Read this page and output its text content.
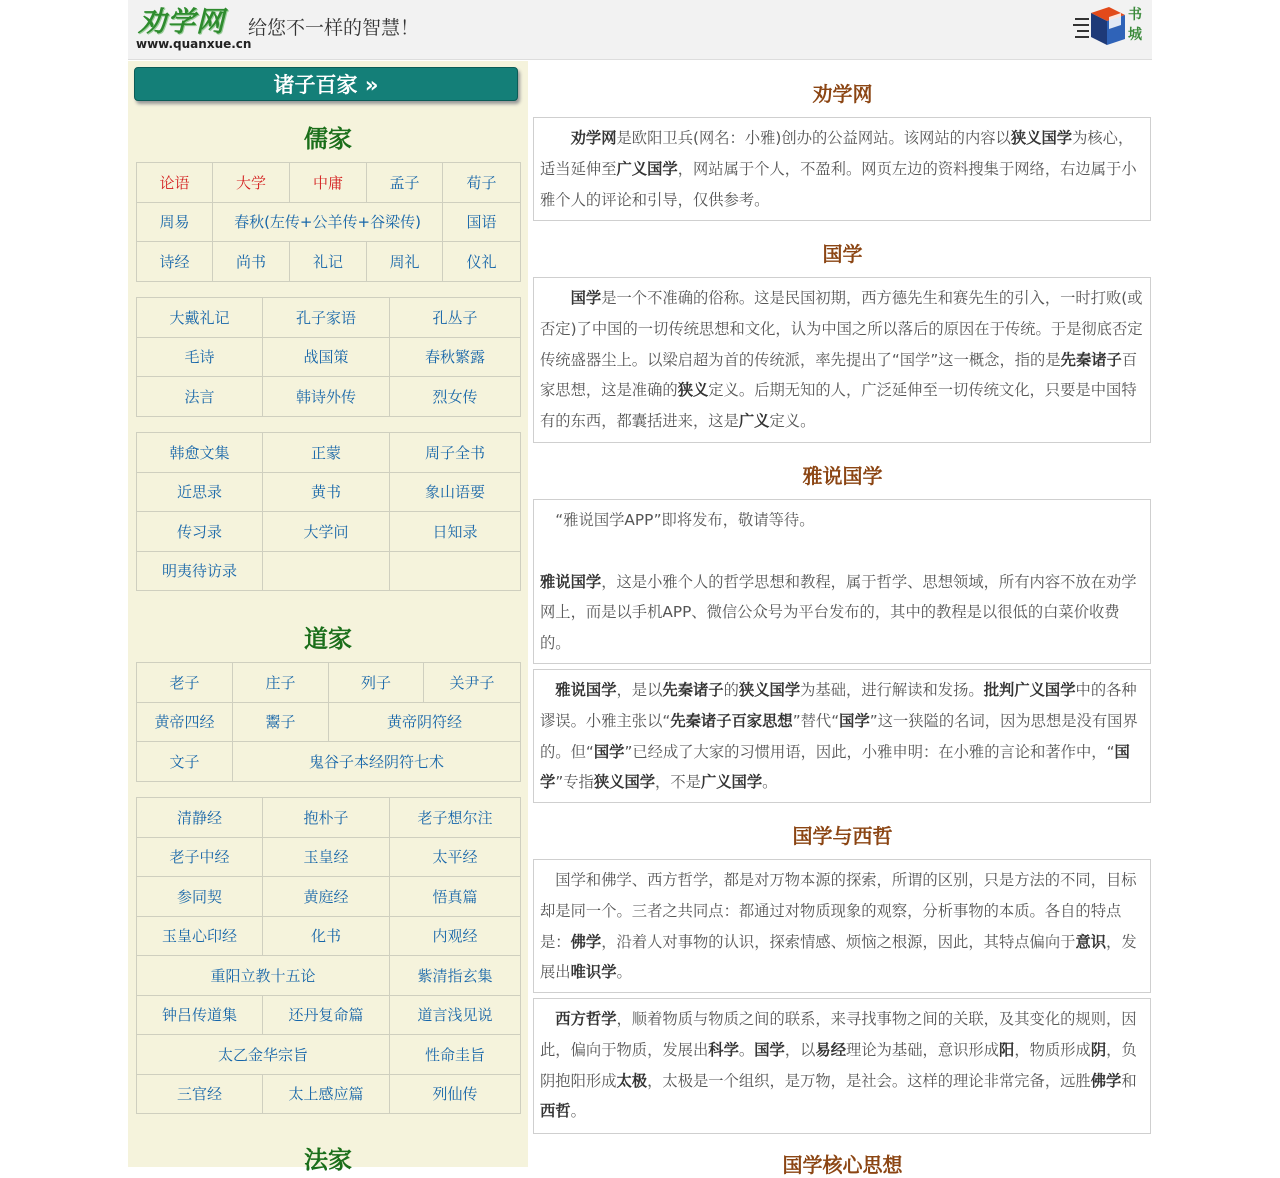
劝学网
www.quanxue.cn
给您不一样的智慧！
书城
诸子百家 »
儒家
论语	大学	中庸	孟子	荀子
周易	春秋(左传+公羊传+谷梁传)			国语
诗经	尚书	礼记	周礼	仪礼
大戴礼记	孔子家语	孔丛子
毛诗	战国策	春秋繁露
法言	韩诗外传	烈女传
韩愈文集	正蒙	周子全书
近思录	黄书	象山语要
传习录	大学问	日知录
明夷待访录		
道家
老子	庄子	列子	关尹子
黄帝四经	鬻子	黄帝阴符经	
文子	鬼谷子本经阴符七术		
清静经	抱朴子	老子想尔注
老子中经	玉皇经	太平经
参同契	黄庭经	悟真篇
玉皇心印经	化书	内观经
重阳立教十五论		紫清指玄集
钟吕传道集	还丹复命篇	道言浅见说
太乙金华宗旨		性命圭旨
三官经	太上感应篇	列仙传
法家
劝学网

劝学网是欧阳卫兵(网名：小雅)创办的公益网站。该网站的内容以狭义国学为核心，适当延伸至广义国学，网站属于个人，不盈利。网页左边的资料搜集于网络，右边属于小雅个人的评论和引导，仅供参考。

国学

国学是一个不准确的俗称。这是民国初期，西方德先生和赛先生的引入，一时打败(或否定)了中国的一切传统思想和文化，认为中国之所以落后的原因在于传统。于是彻底否定传统盛器尘上。以梁启超为首的传统派，率先提出了“国学”这一概念，指的是先秦诸子百家思想，这是准确的狭义定义。后期无知的人，广泛延伸至一切传统文化，只要是中国特有的东西，都囊括进来，这是广义定义。

雅说国学

“雅说国学APP”即将发布，敬请等待。

雅说国学，这是小雅个人的哲学思想和教程，属于哲学、思想领域，所有内容不放在劝学网上，而是以手机APP、微信公众号为平台发布的，其中的教程是以很低的白菜价收费的。

雅说国学，是以先秦诸子的狭义国学为基础，进行解读和发扬。批判广义国学中的各种谬误。小雅主张以“先秦诸子百家思想”替代“国学”这一狭隘的名词，因为思想是没有国界的。但“国学”已经成了大家的习惯用语，因此，小雅申明：在小雅的言论和著作中，“国学”专指狭义国学，不是广义国学。

国学与西哲

国学和佛学、西方哲学，都是对万物本源的探索，所谓的区别，只是方法的不同，目标却是同一个。三者之共同点：都通过对物质现象的观察，分析事物的本质。各自的特点是：佛学，沿着人对事物的认识，探索情感、烦恼之根源，因此，其特点偏向于意识，发展出唯识学。

西方哲学，顺着物质与物质之间的联系，来寻找事物之间的关联，及其变化的规则，因此，偏向于物质，发展出科学。国学，以易经理论为基础，意识形成阳，物质形成阴，负阴抱阳形成太极，太极是一个组织，是万物，是社会。这样的理论非常完备，远胜佛学和西哲。

国学核心思想
